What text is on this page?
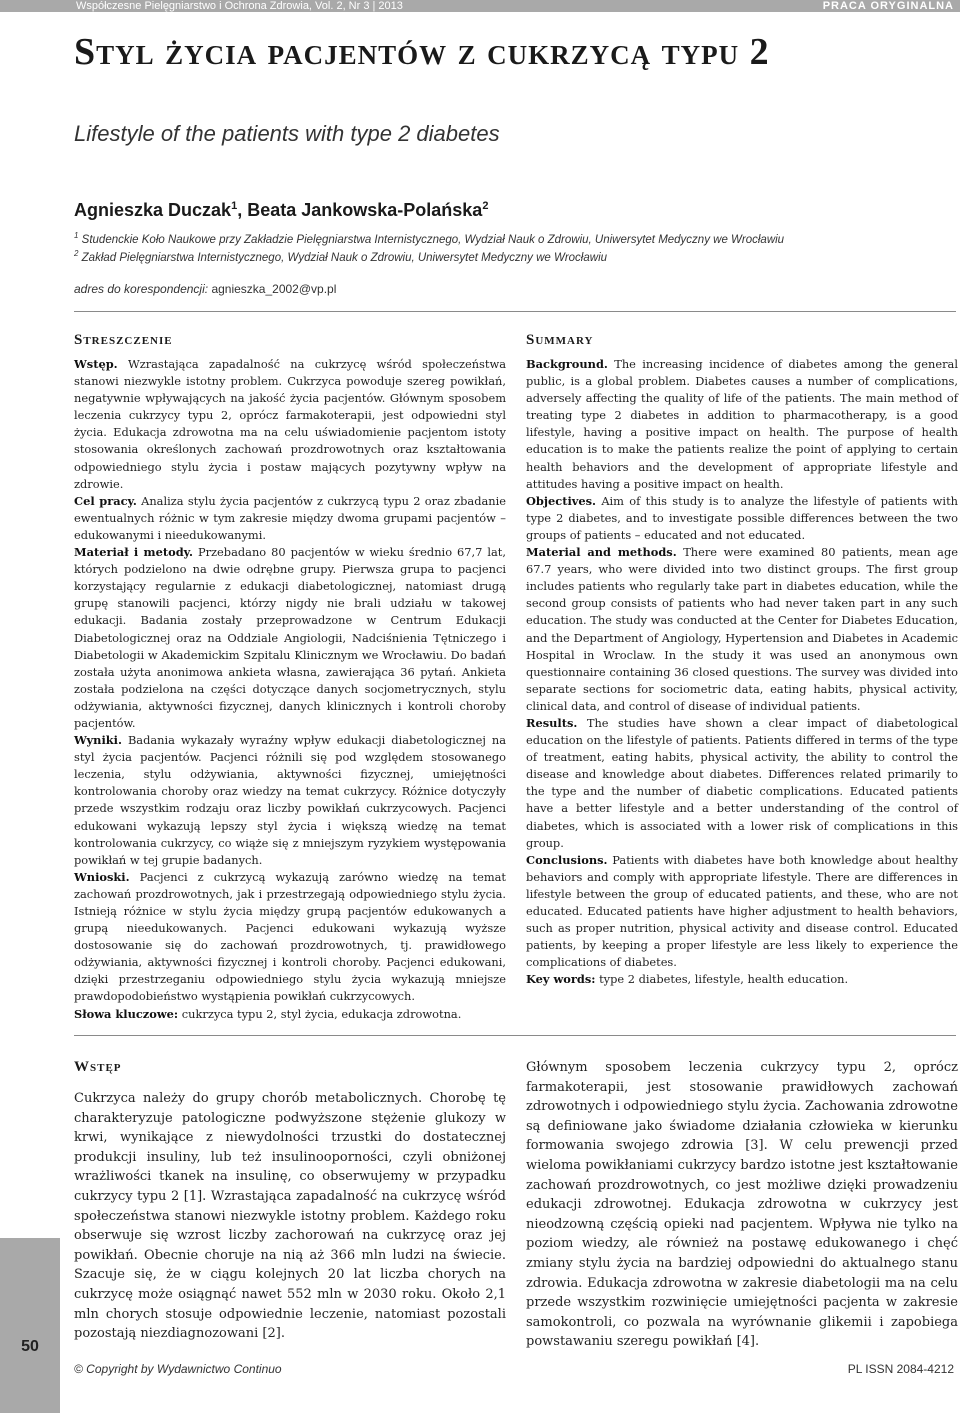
Współczesne Pielęgniarstwo i Ochrona Zdrowia, Vol. 2, Nr 3 | 2013	PRACA ORYGINALNA
Styl życia pacjentów z cukrzycą typu 2
Lifestyle of the patients with type 2 diabetes
Agnieszka Duczak$^1$, Beata Jankowska-Polańska$^2$
$^1$ Studenckie Koło Naukowe przy Zakładzie Pielęgniarstwa Internistycznego, Wydział Nauk o Zdrowiu, Uniwersytet Medyczny we Wrocławiu
$^2$ Zakład Pielęgniarstwa Internistycznego, Wydział Nauk o Zdrowiu, Uniwersytet Medyczny we Wrocławiu
adres do korespondencji: agnieszka_2002@vp.pl
Streszczenie	Summary

Wstęp. Wzrastająca zapadalność na cukrzycę wśród społeczeństwa stanowi niezwykle istotny problem. Cukrzyca powoduje szereg powikłań, negatywnie wpływających na jakość życia pacjentów. Głównym sposobem leczenia cukrzycy typu 2, oprócz farmakoterapii, jest odpowiedni styl życia. Edukacja zdrowotna ma na celu uświadomienie pacjentom istoty stosowania określonych zachowań prozdrowotnych oraz kształtowania odpowiedniego stylu życia i postaw mających pozytywny wpływ na zdrowie.

Cel pracy. Analiza stylu życia pacjentów z cukrzycą typu 2 oraz zbadanie ewentualnych różnic w tym zakresie między dwoma grupami pacjentów – edukowanymi i nieedukowanymi.

Materiał i metody. Przebadano 80 pacjentów w wieku średnio 67,7 lat, których podzielono na dwie odrębne grupy. Pierwsza grupa to pacjenci korzystający regularnie z edukacji diabetologicznej, natomiast drugą grupę stanowili pacjenci, którzy nigdy nie brali udziału w takowej edukacji. Badania zostały przeprowadzone w Centrum Edukacji Diabetologicznej oraz na Oddziale Angiologii, Nadciśnienia Tętniczego i Diabetologii w Akademickim Szpitalu Klinicznym we Wrocławiu. Do badań została użyta anonimowa ankieta własna, zawierająca 36 pytań. Ankieta została podzielona na części dotyczące danych socjometrycznych, stylu odżywiania, aktywności fizycznej, danych klinicznych i kontroli choroby pacjentów.

Wyniki. Badania wykazały wyraźny wpływ edukacji diabetologicznej na styl życia pacjentów. Pacjenci różnili się pod względem stosowanego leczenia, stylu odżywiania, aktywności fizycznej, umiejętności kontrolowania choroby oraz wiedzy na temat cukrzycy. Różnice dotyczyły przede wszystkim rodzaju oraz liczby powikłań cukrzycowych. Pacjenci edukowani wykazują lepszy styl życia i większą wiedzę na temat kontrolowania cukrzycy, co wiąże się z mniejszym ryzykiem występowania powikłań w tej grupie badanych.

Wnioski. Pacjenci z cukrzycą wykazują zarówno wiedzę na temat zachowań prozdrowotnych, jak i przestrzegają odpowiedniego stylu życia. Istnieją różnice w stylu życia między grupą pacjentów edukowanych a grupą nieedukowanych. Pacjenci edukowani wykazują wyższe dostosowanie się do zachowań prozdrowotnych, tj. prawidłowego odżywiania, aktywności fizycznej i kontroli choroby. Pacjenci edukowani, dzięki przestrzeganiu odpowiedniego stylu życia wykazują mniejsze prawdopodobieństwo wystąpienia powikłań cukrzycowych.

Słowa kluczowe: cukrzyca typu 2, styl życia, edukacja zdrowotna.

Background. The increasing incidence of diabetes among the general public, is a global problem. Diabetes causes a number of complications, adversely affecting the quality of life of the patients. The main method of treating type 2 diabetes in addition to pharmacotherapy, is a good lifestyle, having a positive impact on health. The purpose of health education is to make the patients realize the point of applying to certain health behaviors and the development of appropriate lifestyle and attitudes having a positive impact on health.

Objectives. Aim of this study is to analyze the lifestyle of patients with type 2 diabetes, and to investigate possible differences between the two groups of patients – educated and not educated.

Material and methods. There were examined 80 patients, mean age 67.7 years, who were divided into two distinct groups. The first group includes patients who regularly take part in diabetes education, while the second group consists of patients who had never taken part in any such education. The study was conducted at the Center for Diabetes Education, and the Department of Angiology, Hypertension and Diabetes in Academic Hospital in Wroclaw. In the study it was used an anonymous own questionnaire containing 36 closed questions. The survey was divided into separate sections for sociometric data, eating habits, physical activity, clinical data, and control of disease of individual patients.

Results. The studies have shown a clear impact of diabetological education on the lifestyle of patients. Patients differed in terms of the type of treatment, eating habits, physical activity, the ability to control the disease and knowledge about diabetes. Differences related primarily to the type and the number of diabetic complications. Educated patients have a better lifestyle and a better understanding of the control of diabetes, which is associated with a lower risk of complications in this group.

Conclusions. Patients with diabetes have both knowledge about healthy behaviors and comply with appropriate lifestyle. There are differences in lifestyle between the group of educated patients, and these, who are not educated. Educated patients have higher adjustment to health behaviors, such as proper nutrition, physical activity and disease control. Educated patients, by keeping a proper lifestyle are less likely to experience the complications of diabetes.

Key words: type 2 diabetes, lifestyle, health education.

Wstęp

Cukrzyca należy do grupy chorób metabolicznych. Chorobę tę charakteryzuje patologiczne podwyższone stężenie glukozy w krwi, wynikające z niewydolności trzustki do dostatecznej produkcji insuliny, lub też insulinooporności, czyli obniżonej wrażliwości tkanek na insulinę, co obserwujemy w przypadku cukrzycy typu 2 [1]. Wzrastająca zapadalność na cukrzycę wśród społeczeństwa stanowi niezwykle istotny problem. Każdego roku obserwuje się wzrost liczby zachorowań na cukrzycę oraz jej powikłań. Obecnie choruje na nią aż 366 mln ludzi na świecie. Szacuje się, że w ciągu kolejnych 20 lat liczba chorych na cukrzycę może osiągnąć nawet 552 mln w 2030 roku. Około 2,1 mln chorych stosuje odpowiednie leczenie, natomiast pozostali pozostają niezdiagnozowani [2].

Głównym sposobem leczenia cukrzycy typu 2, oprócz farmakoterapii, jest stosowanie prawidłowych zachowań zdrowotnych i odpowiedniego stylu życia. Zachowania zdrowotne są definiowane jako świadome działania człowieka w kierunku formowania swojego zdrowia [3]. W celu prewencji przed wieloma powikłaniami cukrzycy bardzo istotne jest kształtowanie zachowań prozdrowotnych, co jest możliwe dzięki prowadzeniu edukacji zdrowotnej. Edukacja zdrowotna w cukrzycy jest nieodzowną częścią opieki nad pacjentem. Wpływa nie tylko na poziom wiedzy, ale również na postawę edukowanego i chęć zmiany stylu życia na bardziej odpowiedni do aktualnego stanu zdrowia. Edukacja zdrowotna w zakresie diabetologii ma na celu przede wszystkim rozwinięcie umiejętności pacjenta w zakresie samokontroli, co pozwala na wyrównanie glikemii i zapobiega powstawaniu szeregu powikłań [4].

50
© Copyright by Wydawnictwo Continuo	PL ISSN 2084-4212
